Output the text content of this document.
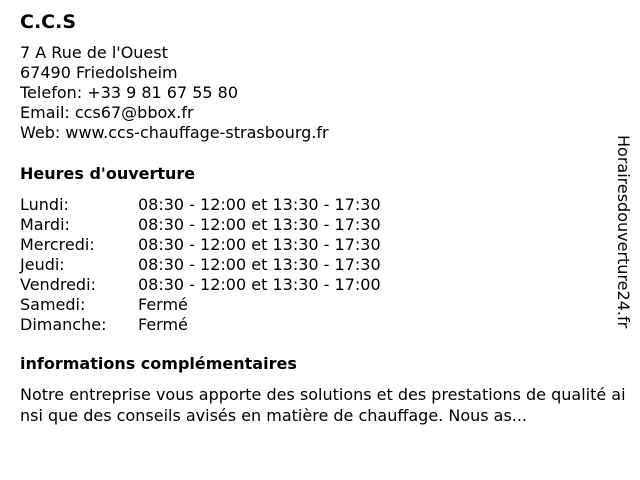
C.C.S
7 A Rue de l'Ouest
67490 Friedolsheim
Telefon: +33 9 81 67 55 80
Email: ccs67@bbox.fr
Web: www.ccs-chauffage-strasbourg.fr
Heures d'ouverture
Lundi:	08:30 - 12:00 et 13:30 - 17:30
Mardi:	08:30 - 12:00 et 13:30 - 17:30
Mercredi:	08:30 - 12:00 et 13:30 - 17:30
Jeudi:	08:30 - 12:00 et 13:30 - 17:30
Vendredi:	08:30 - 12:00 et 13:30 - 17:00
Samedi:	Fermé
Dimanche:	Fermé
informations complémentaires
Notre entreprise vous apporte des solutions et des prestations de qualité ainsi que des conseils avisés en matière de chauffage. Nous as...
Horairesdouverture24.fr
